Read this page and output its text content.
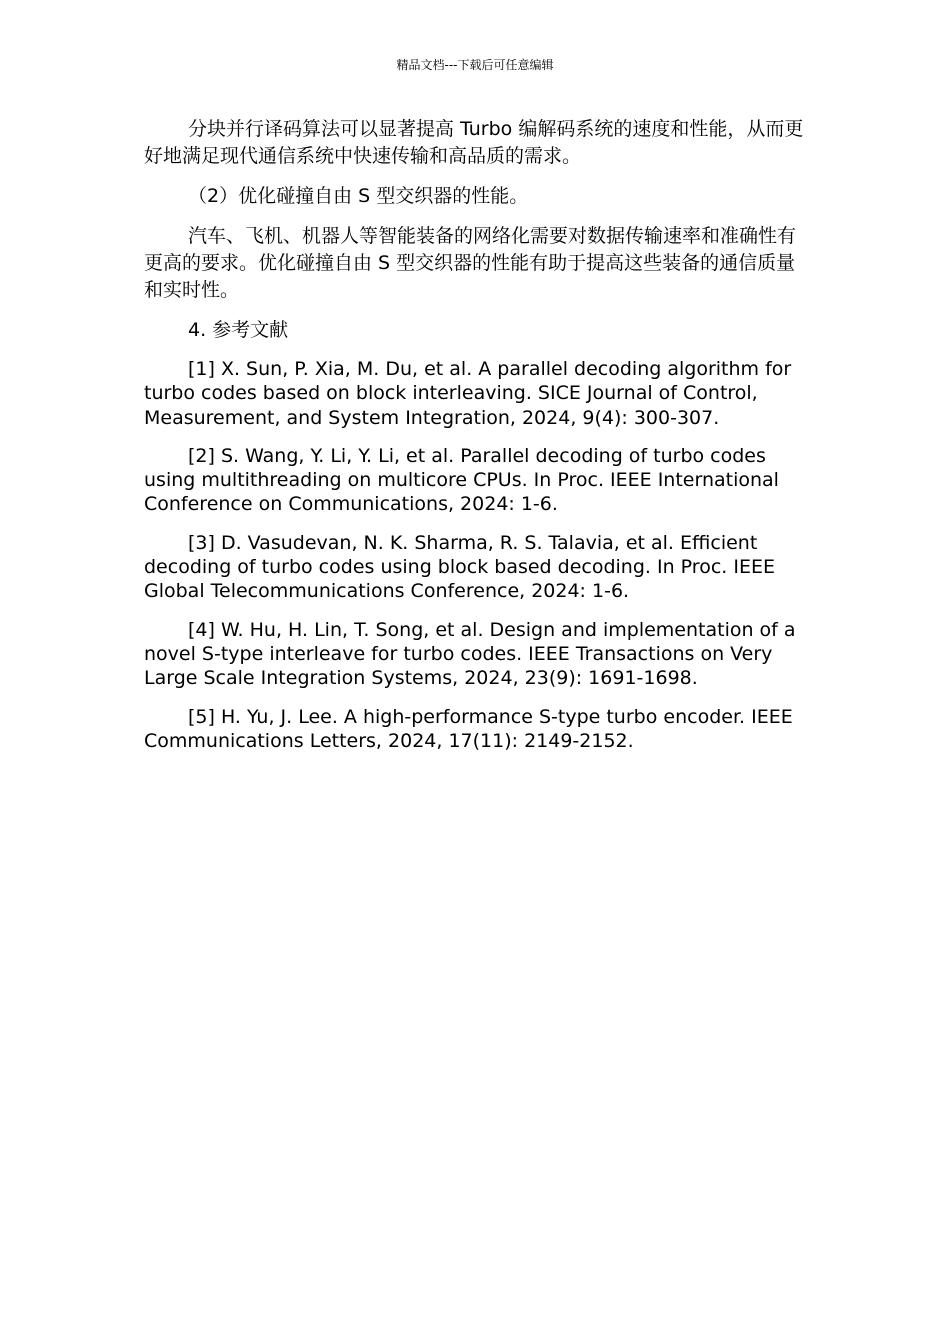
精品文档---下载后可任意编辑

分块并行译码算法可以显著提高 Turbo 编解码系统的速度和性能，从而更好地满足现代通信系统中快速传输和高品质的需求。

（2）优化碰撞自由 S 型交织器的性能。

汽车、飞机、机器人等智能装备的网络化需要对数据传输速率和准确性有更高的要求。优化碰撞自由 S 型交织器的性能有助于提高这些装备的通信质量和实时性。

4. 参考文献

[1] X. Sun, P. Xia, M. Du, et al. A parallel decoding algorithm for turbo codes based on block interleaving. SICE Journal of Control, Measurement, and System Integration, 2024, 9(4): 300-307.

[2] S. Wang, Y. Li, Y. Li, et al. Parallel decoding of turbo codes using multithreading on multicore CPUs. In Proc. IEEE International Conference on Communications, 2024: 1-6.

[3] D. Vasudevan, N. K. Sharma, R. S. Talavia, et al. Efficient decoding of turbo codes using block based decoding. In Proc. IEEE Global Telecommunications Conference, 2024: 1-6.

[4] W. Hu, H. Lin, T. Song, et al. Design and implementation of a novel S-type interleave for turbo codes. IEEE Transactions on Very Large Scale Integration Systems, 2024, 23(9): 1691-1698.

[5] H. Yu, J. Lee. A high-performance S-type turbo encoder. IEEE Communications Letters, 2024, 17(11): 2149-2152.
